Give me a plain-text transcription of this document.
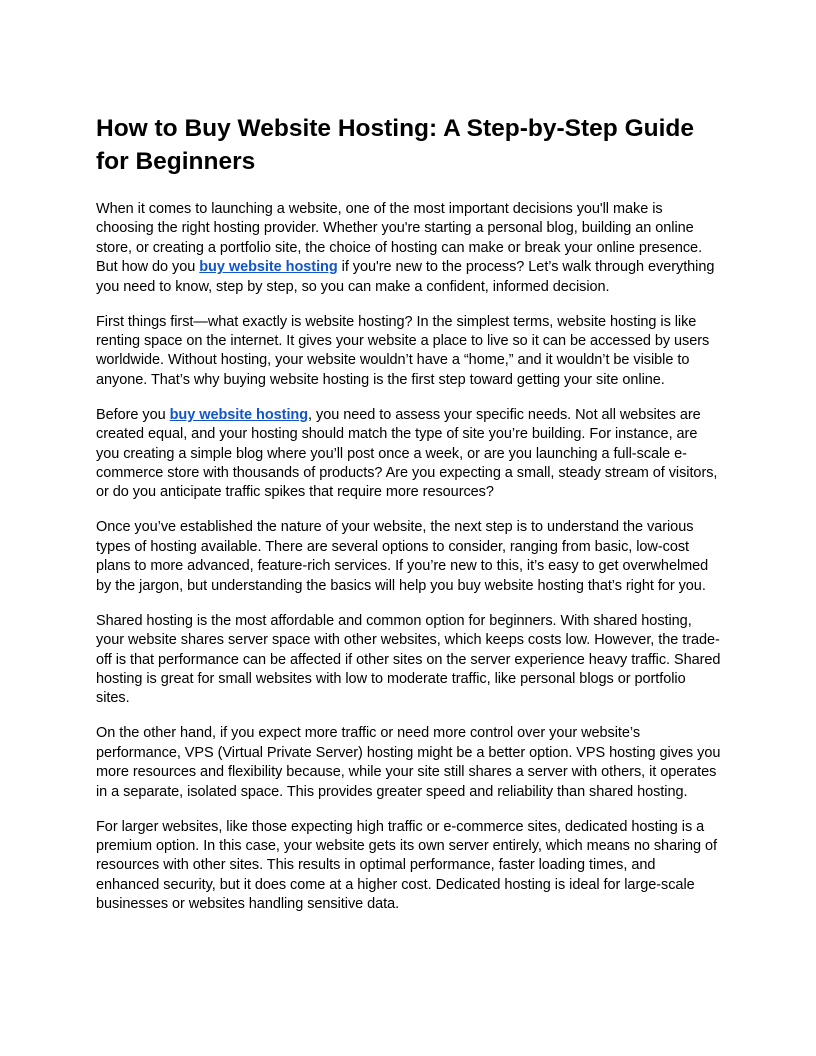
How to Buy Website Hosting: A Step-by-Step Guide for Beginners

When it comes to launching a website, one of the most important decisions you'll make is choosing the right hosting provider. Whether you're starting a personal blog, building an online store, or creating a portfolio site, the choice of hosting can make or break your online presence. But how do you buy website hosting if you're new to the process? Let’s walk through everything you need to know, step by step, so you can make a confident, informed decision.

First things first—what exactly is website hosting? In the simplest terms, website hosting is like renting space on the internet. It gives your website a place to live so it can be accessed by users worldwide. Without hosting, your website wouldn’t have a “home,” and it wouldn’t be visible to anyone. That’s why buying website hosting is the first step toward getting your site online.

Before you buy website hosting, you need to assess your specific needs. Not all websites are created equal, and your hosting should match the type of site you’re building. For instance, are you creating a simple blog where you’ll post once a week, or are you launching a full-scale e-commerce store with thousands of products? Are you expecting a small, steady stream of visitors, or do you anticipate traffic spikes that require more resources?

Once you’ve established the nature of your website, the next step is to understand the various types of hosting available. There are several options to consider, ranging from basic, low-cost plans to more advanced, feature-rich services. If you’re new to this, it’s easy to get overwhelmed by the jargon, but understanding the basics will help you buy website hosting that’s right for you.

Shared hosting is the most affordable and common option for beginners. With shared hosting, your website shares server space with other websites, which keeps costs low. However, the trade-off is that performance can be affected if other sites on the server experience heavy traffic. Shared hosting is great for small websites with low to moderate traffic, like personal blogs or portfolio sites.

On the other hand, if you expect more traffic or need more control over your website’s performance, VPS (Virtual Private Server) hosting might be a better option. VPS hosting gives you more resources and flexibility because, while your site still shares a server with others, it operates in a separate, isolated space. This provides greater speed and reliability than shared hosting.

For larger websites, like those expecting high traffic or e-commerce sites, dedicated hosting is a premium option. In this case, your website gets its own server entirely, which means no sharing of resources with other sites. This results in optimal performance, faster loading times, and enhanced security, but it does come at a higher cost. Dedicated hosting is ideal for large-scale businesses or websites handling sensitive data.
